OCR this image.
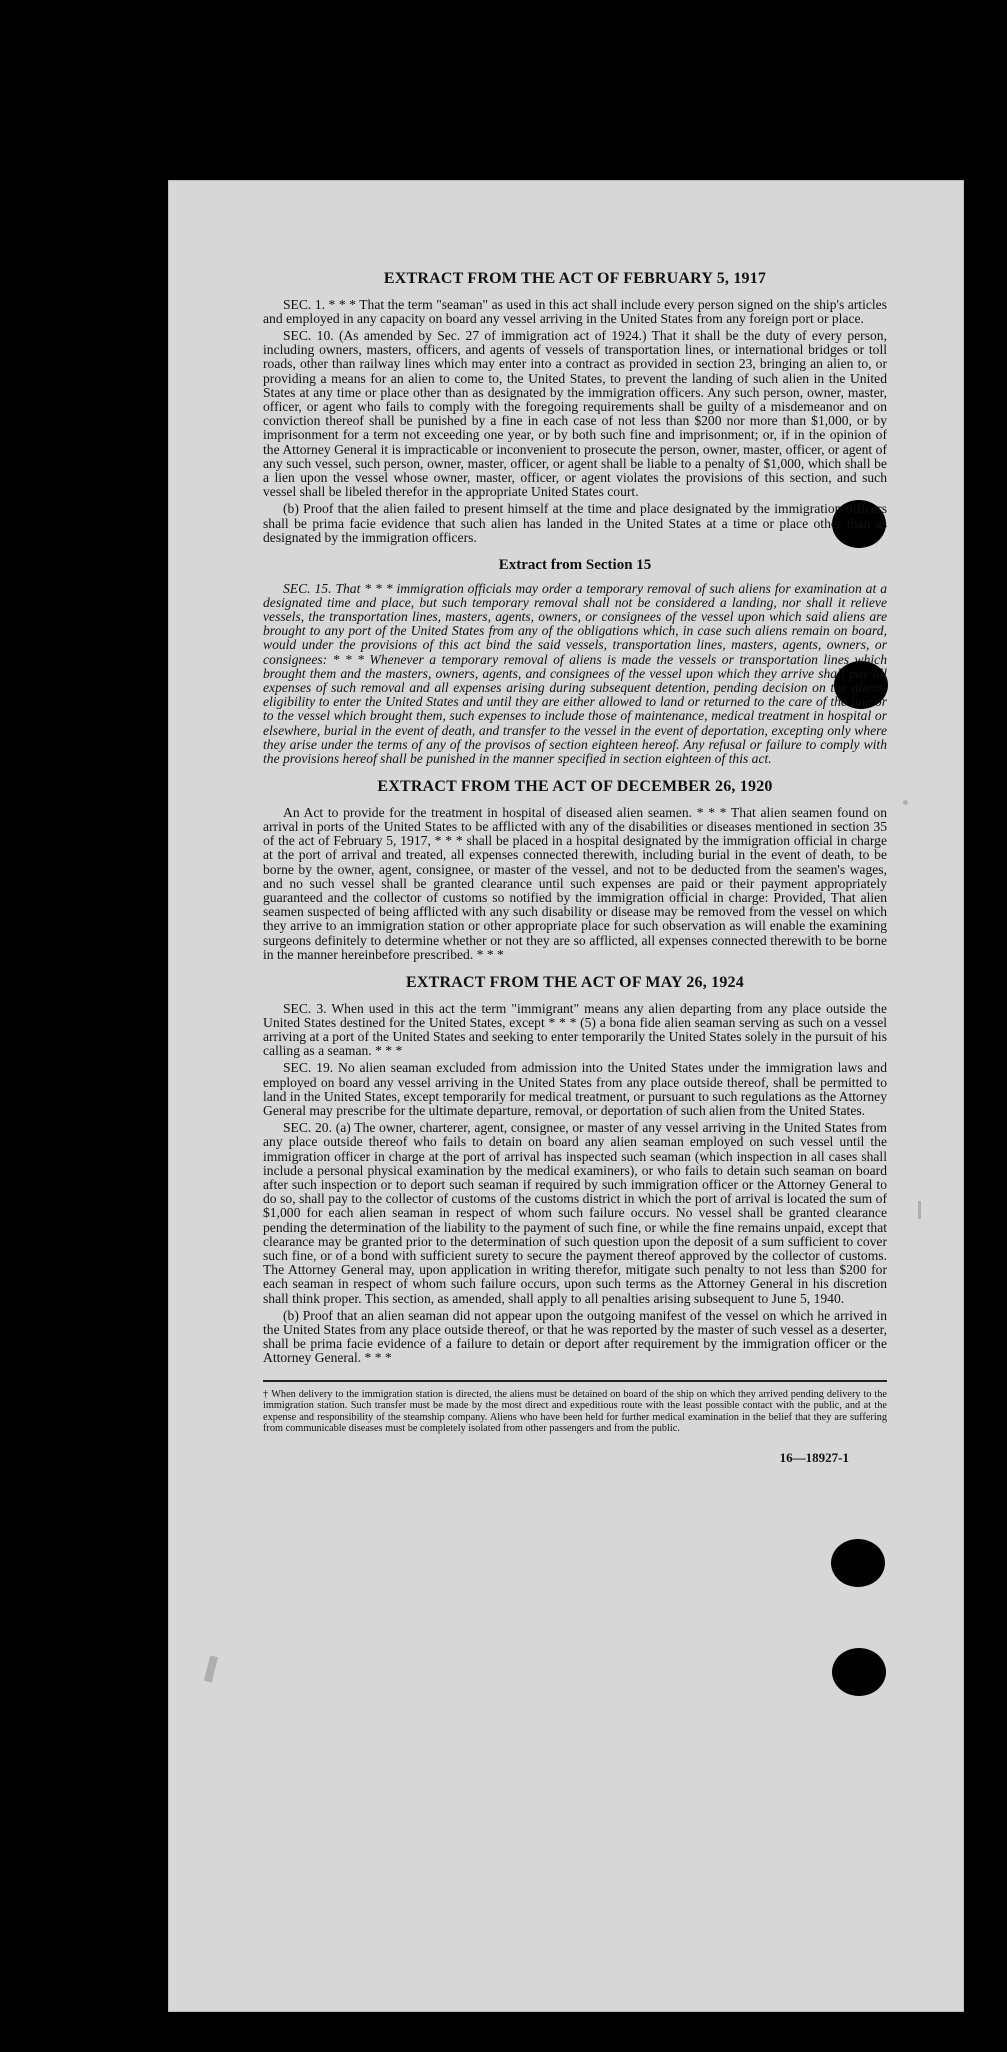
EXTRACT FROM THE ACT OF FEBRUARY 5, 1917

SEC. 1. * * * That the term "seaman" as used in this act shall include every person signed on the ship's articles and employed in any capacity on board any vessel arriving in the United States from any foreign port or place.

SEC. 10. (As amended by Sec. 27 of immigration act of 1924.) That it shall be the duty of every person, including owners, masters, officers, and agents of vessels of transportation lines, or international bridges or toll roads, other than railway lines which may enter into a contract as provided in section 23, bringing an alien to, or providing a means for an alien to come to, the United States, to prevent the landing of such alien in the United States at any time or place other than as designated by the immigration officers. Any such person, owner, master, officer, or agent who fails to comply with the foregoing requirements shall be guilty of a misdemeanor and on conviction thereof shall be punished by a fine in each case of not less than $200 nor more than $1,000, or by imprisonment for a term not exceeding one year, or by both such fine and imprisonment; or, if in the opinion of the Attorney General it is impracticable or inconvenient to prosecute the person, owner, master, officer, or agent of any such vessel, such person, owner, master, officer, or agent shall be liable to a penalty of $1,000, which shall be a lien upon the vessel whose owner, master, officer, or agent violates the provisions of this section, and such vessel shall be libeled therefor in the appropriate United States court.

(b) Proof that the alien failed to present himself at the time and place designated by the immigration officers shall be prima facie evidence that such alien has landed in the United States at a time or place other than as designated by the immigration officers.

Extract from Section 15

SEC. 15. That * * * immigration officials may order a temporary removal of such aliens for examination at a designated time and place, but such temporary removal shall not be considered a landing, nor shall it relieve vessels, the transportation lines, masters, agents, owners, or consignees of the vessel upon which said aliens are brought to any port of the United States from any of the obligations which, in case such aliens remain on board, would under the provisions of this act bind the said vessels, transportation lines, masters, agents, owners, or consignees: * * * Whenever a temporary removal of aliens is made the vessels or transportation lines which brought them and the masters, owners, agents, and consignees of the vessel upon which they arrive shall pay all expenses of such removal and all expenses arising during subsequent detention, pending decision on the aliens' eligibility to enter the United States and until they are either allowed to land or returned to the care of the line or to the vessel which brought them, such expenses to include those of maintenance, medical treatment in hospital or elsewhere, burial in the event of death, and transfer to the vessel in the event of deportation, excepting only where they arise under the terms of any of the provisos of section eighteen hereof. Any refusal or failure to comply with the provisions hereof shall be punished in the manner specified in section eighteen of this act.

EXTRACT FROM THE ACT OF DECEMBER 26, 1920

An Act to provide for the treatment in hospital of diseased alien seamen. * * * That alien seamen found on arrival in ports of the United States to be afflicted with any of the disabilities or diseases mentioned in section 35 of the act of February 5, 1917, * * * shall be placed in a hospital designated by the immigration official in charge at the port of arrival and treated, all expenses connected therewith, including burial in the event of death, to be borne by the owner, agent, consignee, or master of the vessel, and not to be deducted from the seamen's wages, and no such vessel shall be granted clearance until such expenses are paid or their payment appropriately guaranteed and the collector of customs so notified by the immigration official in charge: Provided, That alien seamen suspected of being afflicted with any such disability or disease may be removed from the vessel on which they arrive to an immigration station or other appropriate place for such observation as will enable the examining surgeons definitely to determine whether or not they are so afflicted, all expenses connected therewith to be borne in the manner hereinbefore prescribed. * * *

EXTRACT FROM THE ACT OF MAY 26, 1924

SEC. 3. When used in this act the term "immigrant" means any alien departing from any place outside the United States destined for the United States, except * * * (5) a bona fide alien seaman serving as such on a vessel arriving at a port of the United States and seeking to enter temporarily the United States solely in the pursuit of his calling as a seaman. * * *

SEC. 19. No alien seaman excluded from admission into the United States under the immigration laws and employed on board any vessel arriving in the United States from any place outside thereof, shall be permitted to land in the United States, except temporarily for medical treatment, or pursuant to such regulations as the Attorney General may prescribe for the ultimate departure, removal, or deportation of such alien from the United States.

SEC. 20. (a) The owner, charterer, agent, consignee, or master of any vessel arriving in the United States from any place outside thereof who fails to detain on board any alien seaman employed on such vessel until the immigration officer in charge at the port of arrival has inspected such seaman (which inspection in all cases shall include a personal physical examination by the medical examiners), or who fails to detain such seaman on board after such inspection or to deport such seaman if required by such immigration officer or the Attorney General to do so, shall pay to the collector of customs of the customs district in which the port of arrival is located the sum of $1,000 for each alien seaman in respect of whom such failure occurs. No vessel shall be granted clearance pending the determination of the liability to the payment of such fine, or while the fine remains unpaid, except that clearance may be granted prior to the determination of such question upon the deposit of a sum sufficient to cover such fine, or of a bond with sufficient surety to secure the payment thereof approved by the collector of customs. The Attorney General may, upon application in writing therefor, mitigate such penalty to not less than $200 for each seaman in respect of whom such failure occurs, upon such terms as the Attorney General in his discretion shall think proper. This section, as amended, shall apply to all penalties arising subsequent to June 5, 1940.

(b) Proof that an alien seaman did not appear upon the outgoing manifest of the vessel on which he arrived in the United States from any place outside thereof, or that he was reported by the master of such vessel as a deserter, shall be prima facie evidence of a failure to detain or deport after requirement by the immigration officer or the Attorney General. * * *

† When delivery to the immigration station is directed, the aliens must be detained on board of the ship on which they arrived pending delivery to the immigration station. Such transfer must be made by the most direct and expeditious route with the least possible contact with the public, and at the expense and responsibility of the steamship company. Aliens who have been held for further medical examination in the belief that they are suffering from communicable diseases must be completely isolated from other passengers and from the public.

16—18927-1
